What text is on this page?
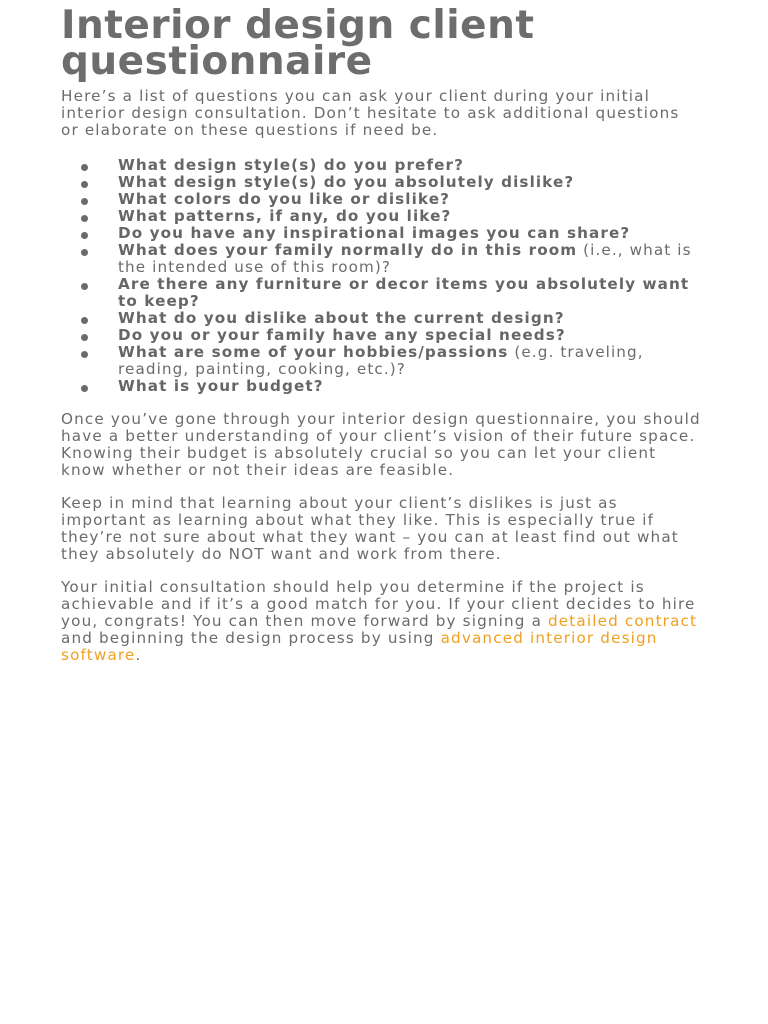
Interior design client questionnaire

Here’s a list of questions you can ask your client during your initial interior design consultation. Don’t hesitate to ask additional questions or elaborate on these questions if need be.

What design style(s) do you prefer?
What design style(s) do you absolutely dislike?
What colors do you like or dislike?
What patterns, if any, do you like?
Do you have any inspirational images you can share?
What does your family normally do in this room (i.e., what is the intended use of this room)?
Are there any furniture or decor items you absolutely want to keep?
What do you dislike about the current design?
Do you or your family have any special needs?
What are some of your hobbies/passions (e.g. traveling, reading, painting, cooking, etc.)?
What is your budget?

Once you’ve gone through your interior design questionnaire, you should have a better understanding of your client’s vision of their future space. Knowing their budget is absolutely crucial so you can let your client know whether or not their ideas are feasible.

Keep in mind that learning about your client’s dislikes is just as important as learning about what they like. This is especially true if they’re not sure about what they want – you can at least find out what they absolutely do NOT want and work from there.

Your initial consultation should help you determine if the project is achievable and if it’s a good match for you. If your client decides to hire you, congrats! You can then move forward by signing a detailed contract and beginning the design process by using advanced interior design software.
